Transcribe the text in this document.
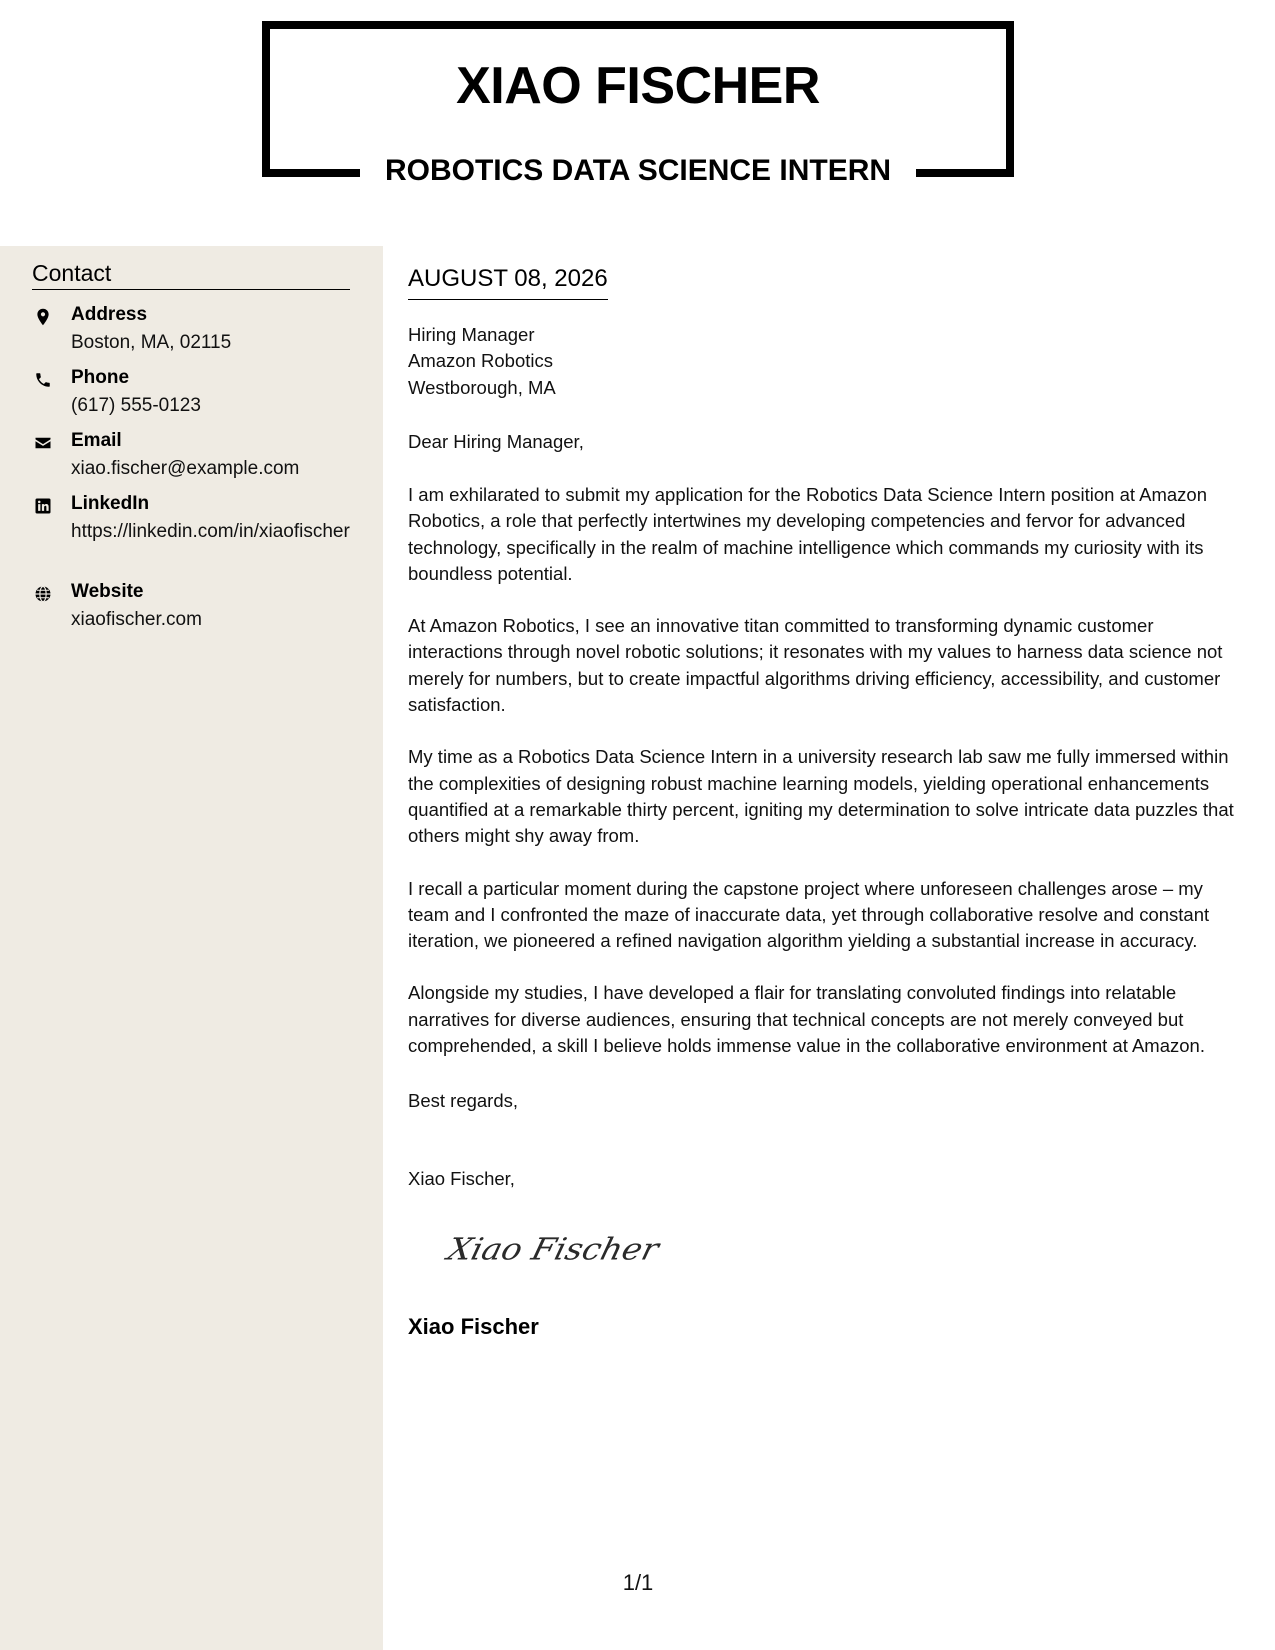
XIAO FISCHER
ROBOTICS DATA SCIENCE INTERN
Contact
Address
Boston, MA, 02115
Phone
(617) 555-0123
Email
xiao.fischer@example.com
LinkedIn
https://linkedin.com/in/xiaofischer
Website
xiaofischer.com
AUGUST 08, 2026
Hiring Manager
Amazon Robotics
Westborough, MA
Dear Hiring Manager,

I am exhilarated to submit my application for the Robotics Data Science Intern position at Amazon Robotics, a role that perfectly intertwines my developing competencies and fervor for advanced technology, specifically in the realm of machine intelligence which commands my curiosity with its boundless potential.

At Amazon Robotics, I see an innovative titan committed to transforming dynamic customer interactions through novel robotic solutions; it resonates with my values to harness data science not merely for numbers, but to create impactful algorithms driving efficiency, accessibility, and customer satisfaction.

My time as a Robotics Data Science Intern in a university research lab saw me fully immersed within the complexities of designing robust machine learning models, yielding operational enhancements quantified at a remarkable thirty percent, igniting my determination to solve intricate data puzzles that others might shy away from.

I recall a particular moment during the capstone project where unforeseen challenges arose – my team and I confronted the maze of inaccurate data, yet through collaborative resolve and constant iteration, we pioneered a refined navigation algorithm yielding a substantial increase in accuracy.

Alongside my studies, I have developed a flair for translating convoluted findings into relatable narratives for diverse audiences, ensuring that technical concepts are not merely conveyed but comprehended, a skill I believe holds immense value in the collaborative environment at Amazon.

Best regards,
Xiao Fischer,
Xiao Fischer
Xiao Fischer
1/1
